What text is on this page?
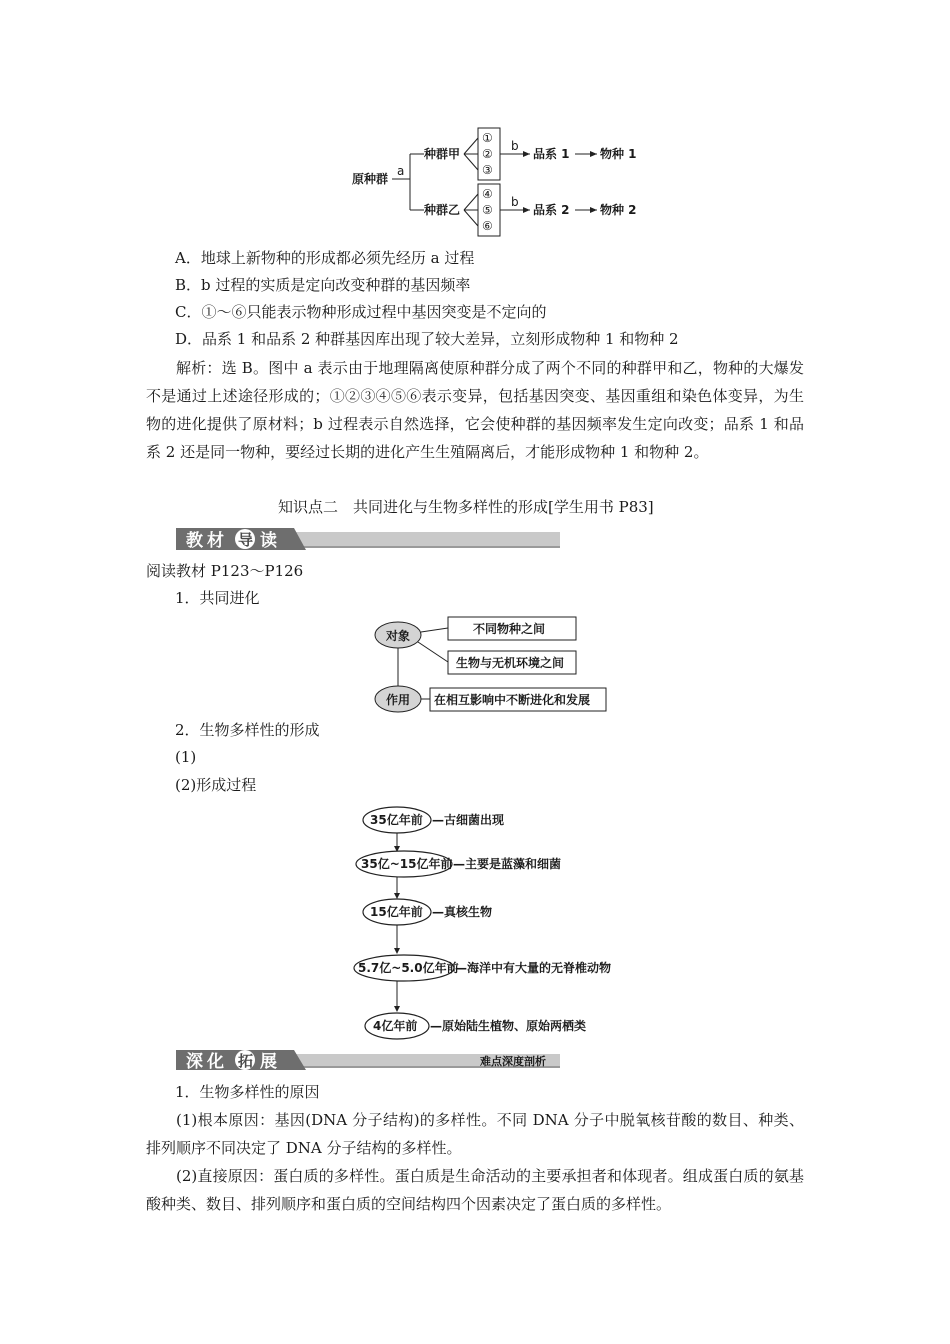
原种群
a
种群甲
种群乙
①
②
③
④
⑤
⑥
b
b
品系 1
品系 2
物种 1
物种 2
A．地球上新物种的形成都必须先经历 a 过程
B．b 过程的实质是定向改变种群的基因频率
C．①～⑥只能表示物种形成过程中基因突变是不定向的
D．品系 1 和品系 2 种群基因库出现了较大差异，立刻形成物种 1 和物种 2
解析：选 B。图中 a 表示由于地理隔离使原种群分成了两个不同的种群甲和乙，物种的大爆发不是通过上述途径形成的；①②③④⑤⑥表示变异，包括基因突变、基因重组和染色体变异，为生物的进化提供了原材料；b 过程表示自然选择，它会使种群的基因频率发生定向改变；品系 1 和品系 2 还是同一物种，要经过长期的进化产生生殖隔离后，才能形成物种 1 和物种 2。
知识点二　共同进化与生物多样性的形成[学生用书 P83]
教材 导 读
阅读教材 P123～P126
1．共同进化
对象	不同物种之间
生物与无机环境之间
作用 在相互影响中不断进化和发展
2．生物多样性的形成
(1)
(2)形成过程
35亿年前 —古细菌出现
35亿~15亿年前 —主要是蓝藻和细菌
15亿年前 —真核生物
5.7亿~5.0亿年前
—海洋中有大量的无脊椎动物
4亿年前 —原始陆生植物、原始两栖类
深化 拓 展	难点深度剖析
1．生物多样性的原因
(1)根本原因：基因(DNA 分子结构)的多样性。不同 DNA 分子中脱氧核苷酸的数目、种类、排列顺序不同决定了 DNA 分子结构的多样性。
(2)直接原因：蛋白质的多样性。蛋白质是生命活动的主要承担者和体现者。组成蛋白质的氨基酸种类、数目、排列顺序和蛋白质的空间结构四个因素决定了蛋白质的多样性。
